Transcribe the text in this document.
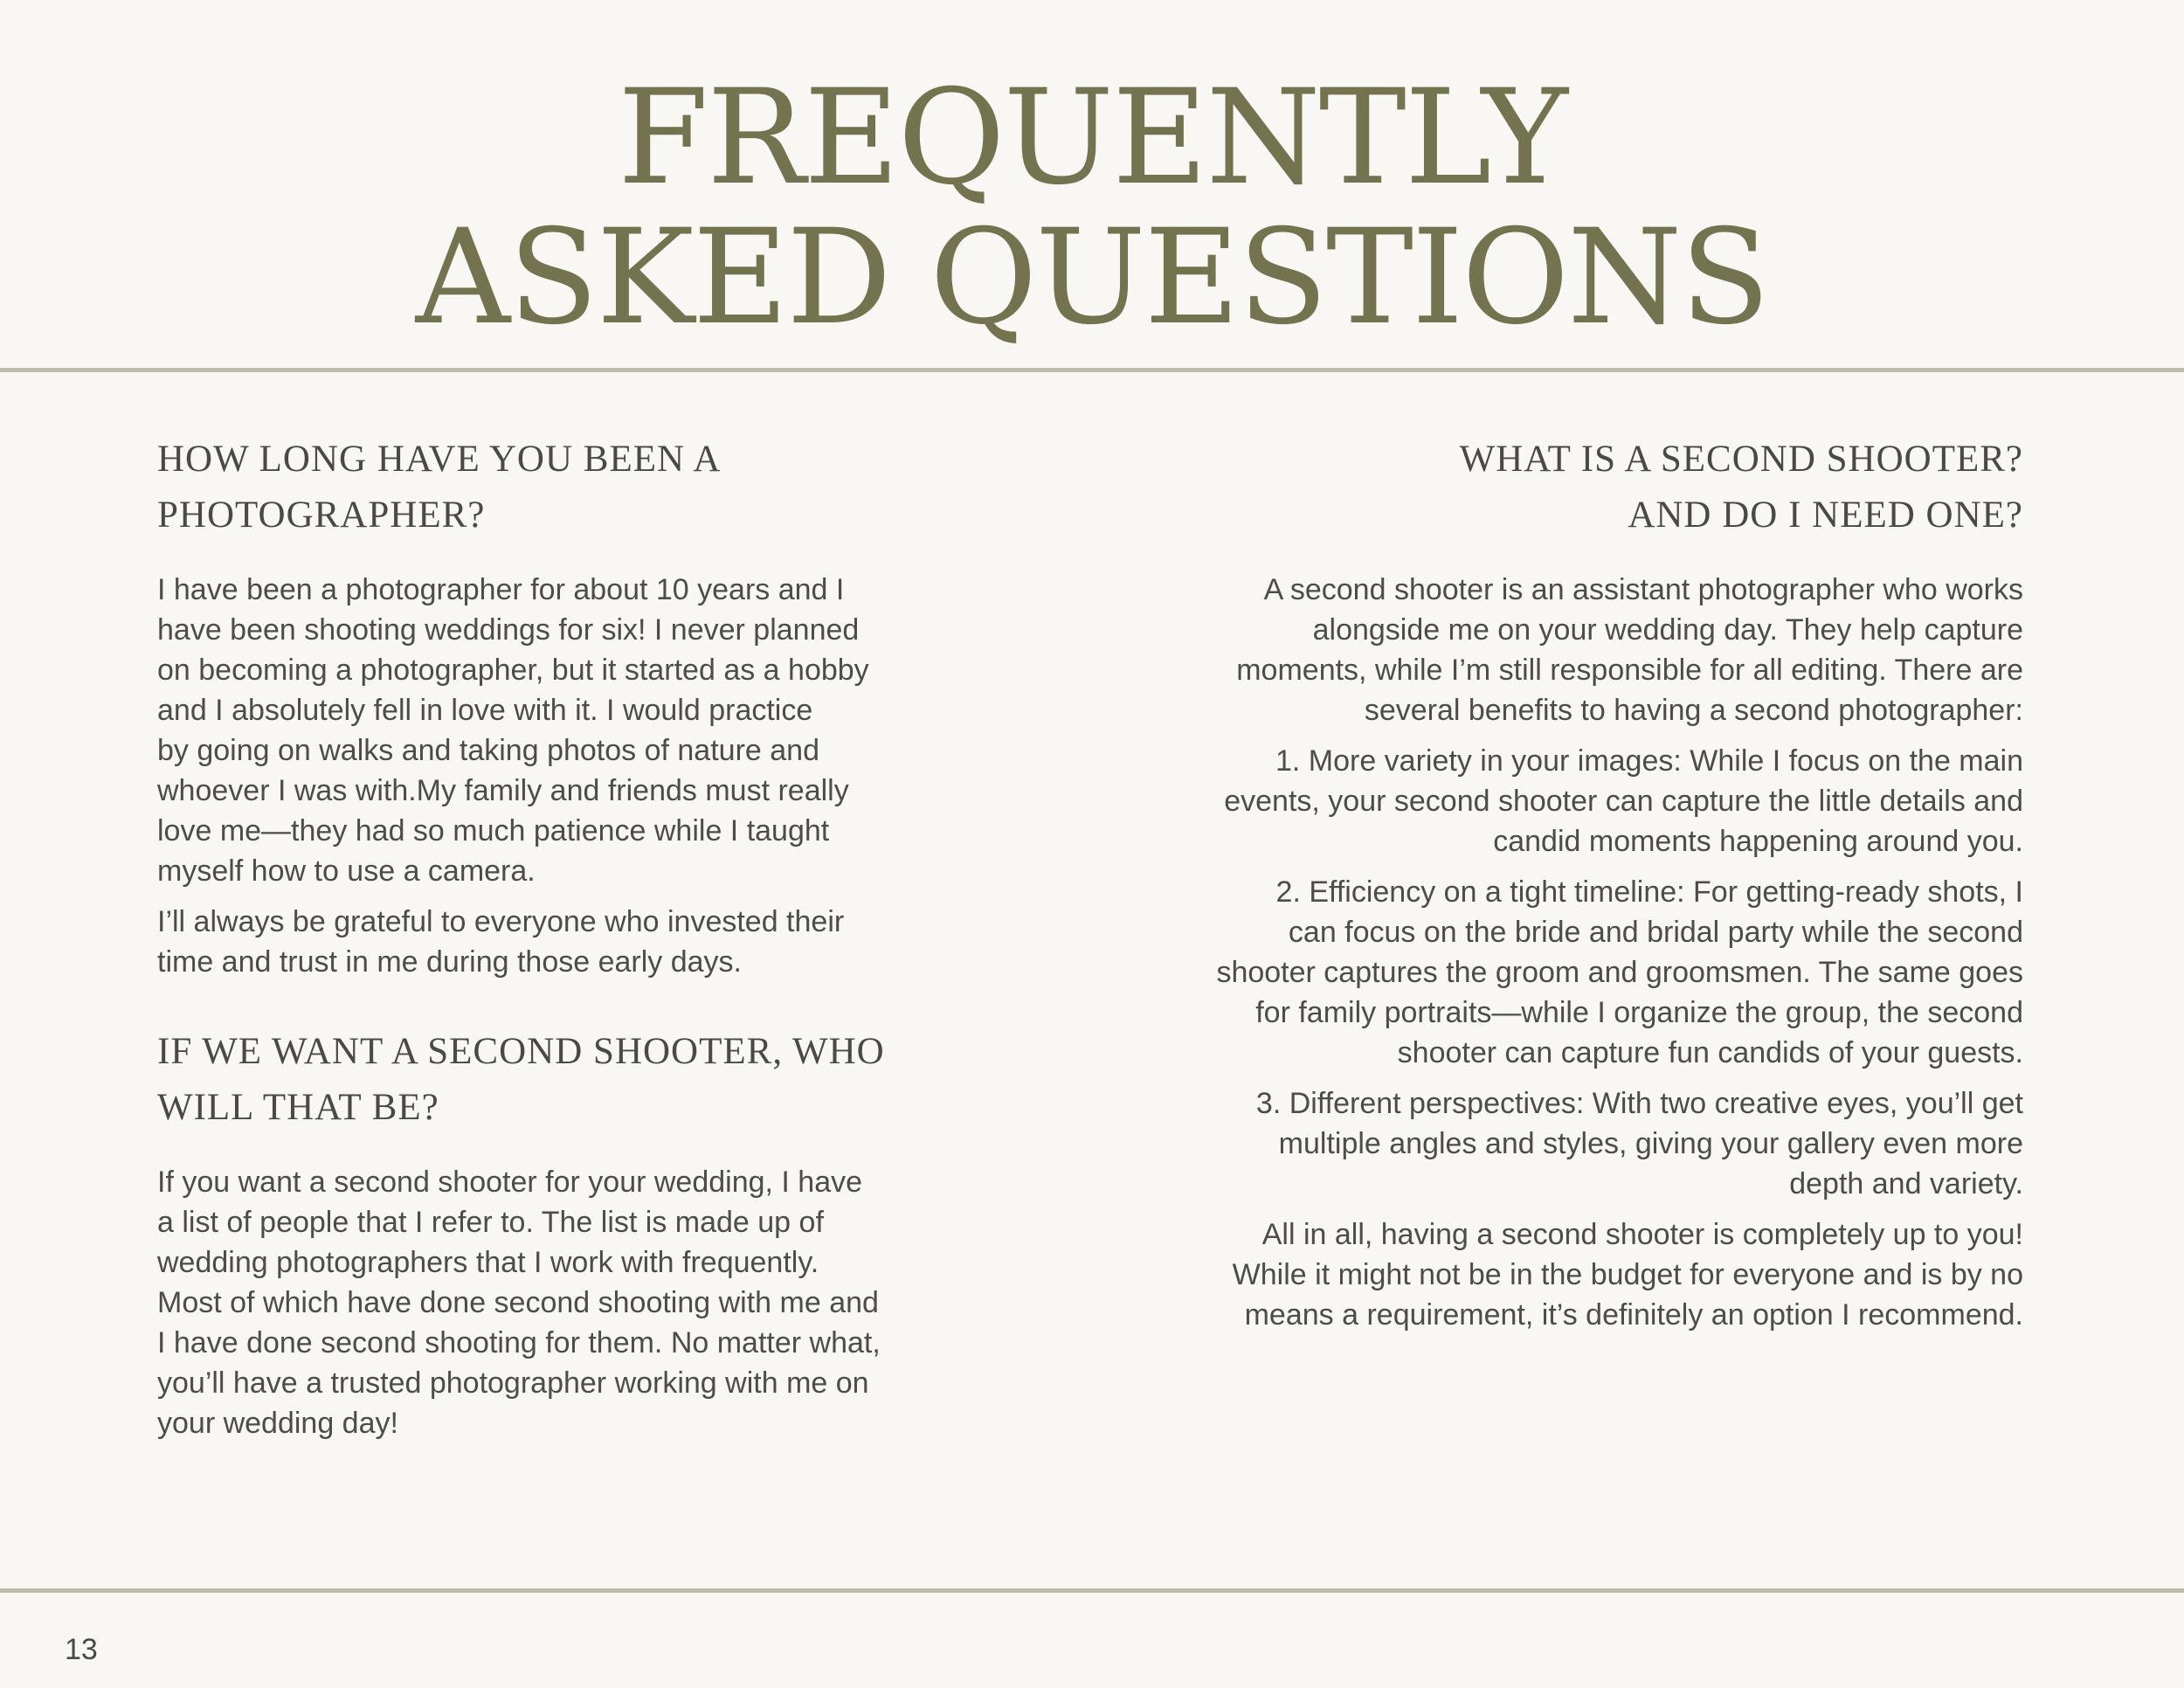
FREQUENTLY
ASKED QUESTIONS
HOW LONG HAVE YOU BEEN A
PHOTOGRAPHER?
I have been a photographer for about 10 years and I
have been shooting weddings for six! I never planned
on becoming a photographer, but it started as a hobby
and I absolutely fell in love with it. I would practice
by going on walks and taking photos of nature and
whoever I was with.My family and friends must really
love me—they had so much patience while I taught
myself how to use a camera.
I’ll always be grateful to everyone who invested their
time and trust in me during those early days.
IF WE WANT A SECOND SHOOTER, WHO
WILL THAT BE?
If you want a second shooter for your wedding, I have
a list of people that I refer to. The list is made up of
wedding photographers that I work with frequently.
Most of which have done second shooting with me and
I have done second shooting for them. No matter what,
you’ll have a trusted photographer working with me on
your wedding day!
WHAT IS A SECOND SHOOTER?
AND DO I NEED ONE?
A second shooter is an assistant photographer who works
alongside me on your wedding day. They help capture
moments, while I’m still responsible for all editing. There are
several benefits to having a second photographer:
1. More variety in your images: While I focus on the main
events, your second shooter can capture the little details and
candid moments happening around you.
2. Efficiency on a tight timeline: For getting-ready shots, I
can focus on the bride and bridal party while the second
shooter captures the groom and groomsmen. The same goes
for family portraits—while I organize the group, the second
shooter can capture fun candids of your guests.
3. Different perspectives: With two creative eyes, you’ll get
multiple angles and styles, giving your gallery even more
depth and variety.
All in all, having a second shooter is completely up to you!
While it might not be in the budget for everyone and is by no
means a requirement, it’s definitely an option I recommend.
13
